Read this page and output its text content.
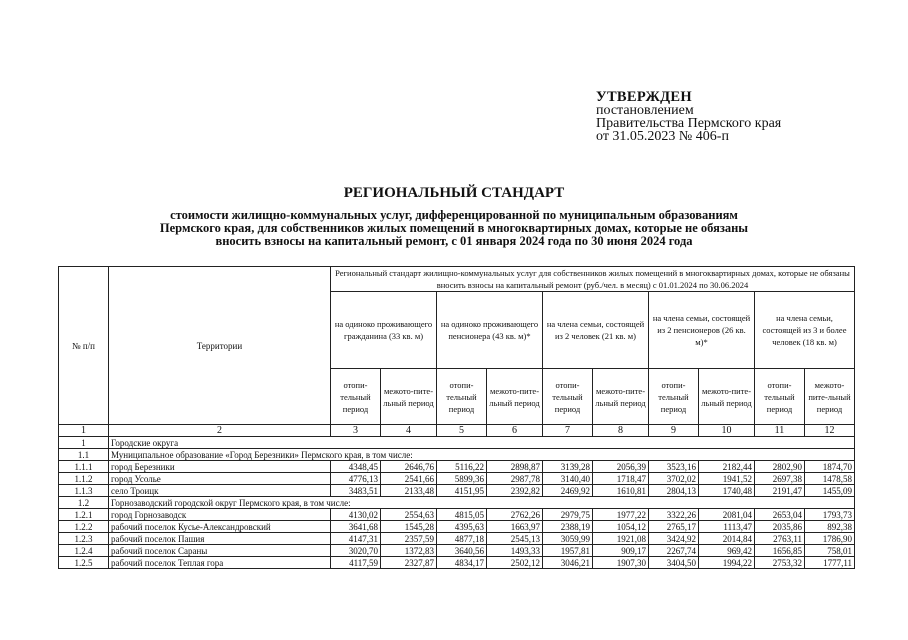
УТВЕРЖДЕН
постановлением
Правительства Пермского края
от 31.05.2023 № 406-п
РЕГИОНАЛЬНЫЙ СТАНДАРТ
стоимости жилищно-коммунальных услуг, дифференцированной по муниципальным образованиям
Пермского края, для собственников жилых помещений в многоквартирных домах, которые не обязаны
вносить взносы на капитальный ремонт, с 01 января 2024 года по 30 июня 2024 года
№ п/п	Территории	Региональный стандарт жилищно-коммунальных услуг для собственников жилых помещений в многоквартирных домах, которые не обязаны вносить взносы на капитальный ремонт (руб./чел. в месяц) с 01.01.2024 по 30.06.2024									
		на одиноко проживающего гражданина (33 кв. м)		на одиноко проживающего пенсионера (43 кв. м)*		на члена семьи, состоящей из 2 человек (21 кв. м)		на члена семьи, состоящей из 2 пенсионеров (26 кв. м)*		на члена семьи, состоящей из 3 и более человек (18 кв. м)	
		отопи-тельный период	межото-пите-льный период	отопи-тельный период	межото-пите-льный период	отопи-тельный период	межото-пите-льный период	отопи-тельный период	межото-пите-льный период	отопи-тельный период	межото-пите-льный период
1	2	3	4	5	6	7	8	9	10	11	12
1	Городские округа										
1.1	Муниципальное образование «Город Березники» Пермского края, в том числе:										
1.1.1	город Березники	4348,45	2646,76	5116,22	2898,87	3139,28	2056,39	3523,16	2182,44	2802,90	1874,70
1.1.2	город Усолье	4776,13	2541,66	5899,36	2987,78	3140,40	1718,47	3702,02	1941,52	2697,38	1478,58
1.1.3	село Троицк	3483,51	2133,48	4151,95	2392,82	2469,92	1610,81	2804,13	1740,48	2191,47	1455,09
1.2	Горнозаводский городской округ Пермского края, в том числе:										
1.2.1	город Горнозаводск	4130,02	2554,63	4815,05	2762,26	2979,75	1977,22	3322,26	2081,04	2653,04	1793,73
1.2.2	рабочий поселок Кусье-Александровский	3641,68	1545,28	4395,63	1663,97	2388,19	1054,12	2765,17	1113,47	2035,86	892,38
1.2.3	рабочий поселок Пашия	4147,31	2357,59	4877,18	2545,13	3059,99	1921,08	3424,92	2014,84	2763,11	1786,90
1.2.4	рабочий поселок Сараны	3020,70	1372,83	3640,56	1493,33	1957,81	909,17	2267,74	969,42	1656,85	758,01
1.2.5	рабочий поселок Теплая гора	4117,59	2327,87	4834,17	2502,12	3046,21	1907,30	3404,50	1994,22	2753,32	1777,11
